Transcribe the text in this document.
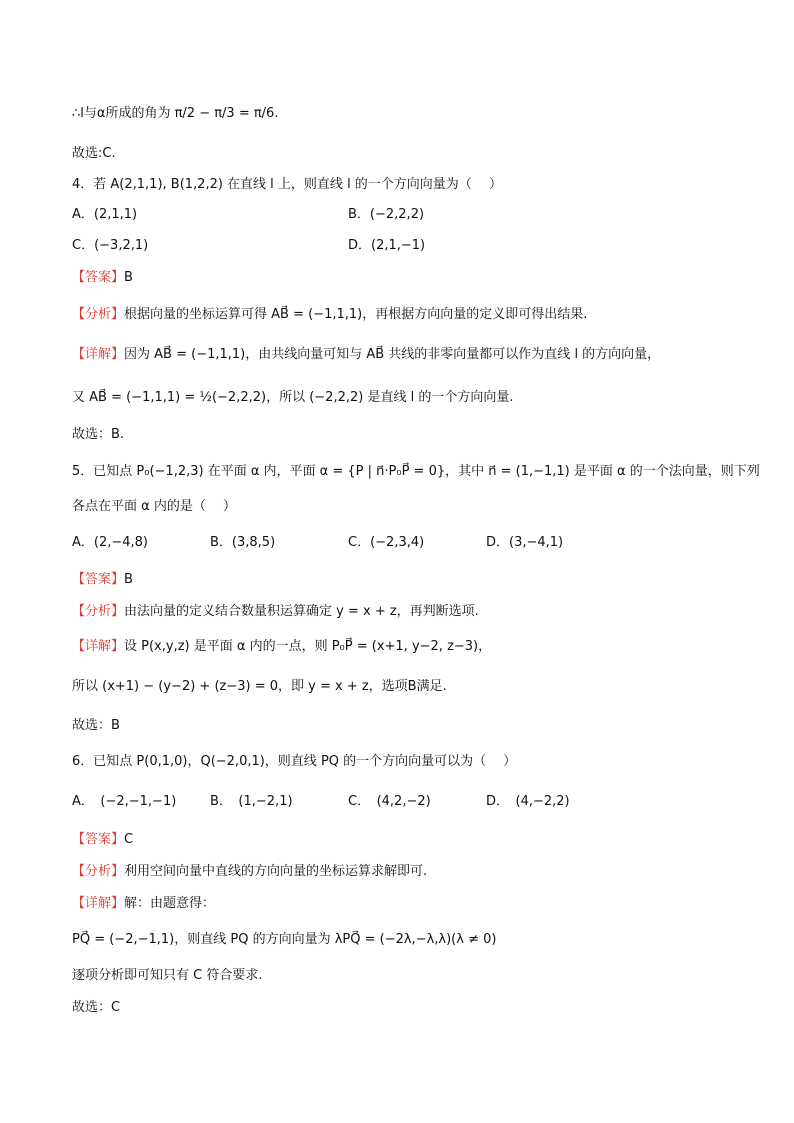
∴l与α所成的角为 π/2 − π/3 = π/6.
故选:C.
4．若 A(2,1,1), B(1,2,2) 在直线 l 上，则直线 l 的一个方向向量为（　 ）
A．(2,1,1)	B．(−2,2,2)
C．(−3,2,1)	D．(2,1,−1)
【答案】B
【分析】根据向量的坐标运算可得 AB⃗ = (−1,1,1)，再根据方向向量的定义即可得出结果.
【详解】因为 AB⃗ = (−1,1,1)，由共线向量可知与 AB⃗ 共线的非零向量都可以作为直线 l 的方向向量，
又 AB⃗ = (−1,1,1) = ½(−2,2,2)，所以 (−2,2,2) 是直线 l 的一个方向向量.
故选：B.
5．已知点 P₀(−1,2,3) 在平面 α 内，平面 α = {P | n⃗·P₀P⃗ = 0}，其中 n⃗ = (1,−1,1) 是平面 α 的一个法向量，则下列
各点在平面 α 内的是（　 ）
A．(2,−4,8)	B．(3,8,5)	C．(−2,3,4)	D．(3,−4,1)
【答案】B
【分析】由法向量的定义结合数量积运算确定 y = x + z，再判断选项.
【详解】设 P(x,y,z) 是平面 α 内的一点，则 P₀P⃗ = (x+1, y−2, z−3)，
所以 (x+1) − (y−2) + (z−3) = 0，即 y = x + z，选项B满足.
故选：B
6．已知点 P(0,1,0)，Q(−2,0,1)，则直线 PQ 的一个方向向量可以为（　 ）
A．　(−2,−1,−1)	B．　(1,−2,1)	C．　(4,2,−2)	D．　(4,−2,2)
【答案】C
【分析】利用空间向量中直线的方向向量的坐标运算求解即可.
【详解】解：由题意得：
PQ⃗ = (−2,−1,1)，则直线 PQ 的方向向量为 λPQ⃗ = (−2λ,−λ,λ)(λ ≠ 0)
逐项分析即可知只有 C 符合要求.
故选：C
